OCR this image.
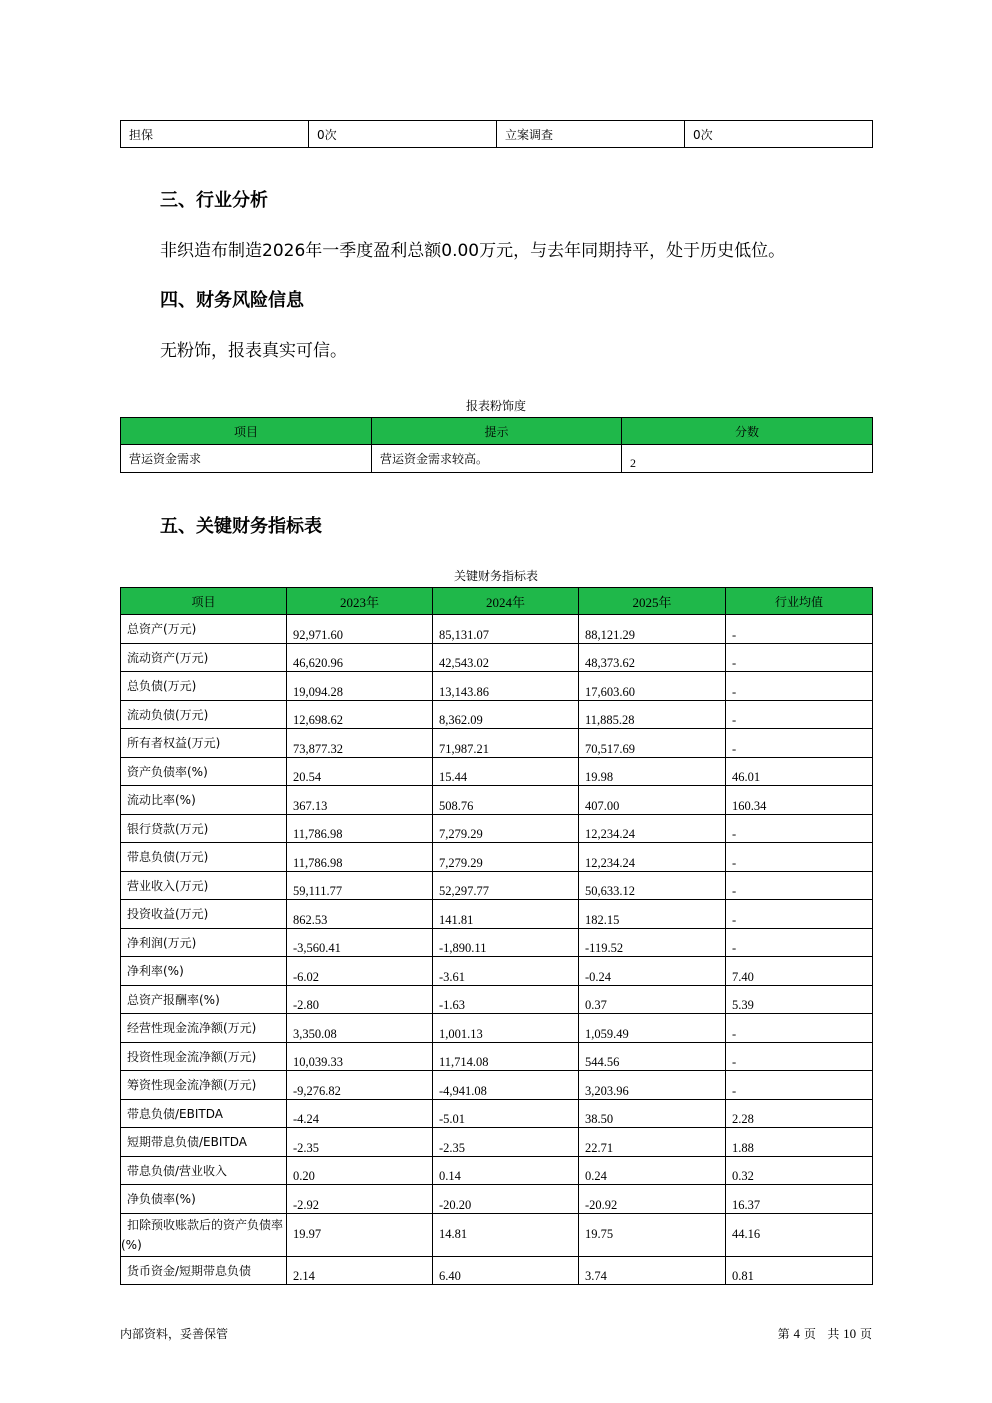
担保	0次	立案调查	0次
三、行业分析
非织造布制造2026年一季度盈利总额0.00万元，与去年同期持平，处于历史低位。
四、财务风险信息
无粉饰，报表真实可信。
报表粉饰度
项目	提示	分数
营运资金需求	营运资金需求较高。	2
五、关键财务指标表
关键财务指标表
项目	2023年	2024年	2025年	行业均值
总资产(万元)	92,971.60	85,131.07	88,121.29	-
流动资产(万元)	46,620.96	42,543.02	48,373.62	-
总负债(万元)	19,094.28	13,143.86	17,603.60	-
流动负债(万元)	12,698.62	8,362.09	11,885.28	-
所有者权益(万元)	73,877.32	71,987.21	70,517.69	-
资产负债率(%)	20.54	15.44	19.98	46.01
流动比率(%)	367.13	508.76	407.00	160.34
银行贷款(万元)	11,786.98	7,279.29	12,234.24	-
带息负债(万元)	11,786.98	7,279.29	12,234.24	-
营业收入(万元)	59,111.77	52,297.77	50,633.12	-
投资收益(万元)	862.53	141.81	182.15	-
净利润(万元)	-3,560.41	-1,890.11	-119.52	-
净利率(%)	-6.02	-3.61	-0.24	7.40
总资产报酬率(%)	-2.80	-1.63	0.37	5.39
经营性现金流净额(万元)	3,350.08	1,001.13	1,059.49	-
投资性现金流净额(万元)	10,039.33	11,714.08	544.56	-
筹资性现金流净额(万元)	-9,276.82	-4,941.08	3,203.96	-
带息负债/EBITDA	-4.24	-5.01	38.50	2.28
短期带息负债/EBITDA	-2.35	-2.35	22.71	1.88
带息负债/营业收入	0.20	0.14	0.24	0.32
净负债率(%)	-2.92	-20.20	-20.92	16.37
扣除预收账款后的资产负债率(%)	19.97	14.81	19.75	44.16
货币资金/短期带息负债	2.14	6.40	3.74	0.81
内部资料，妥善保管	第 4 页 共 10 页
